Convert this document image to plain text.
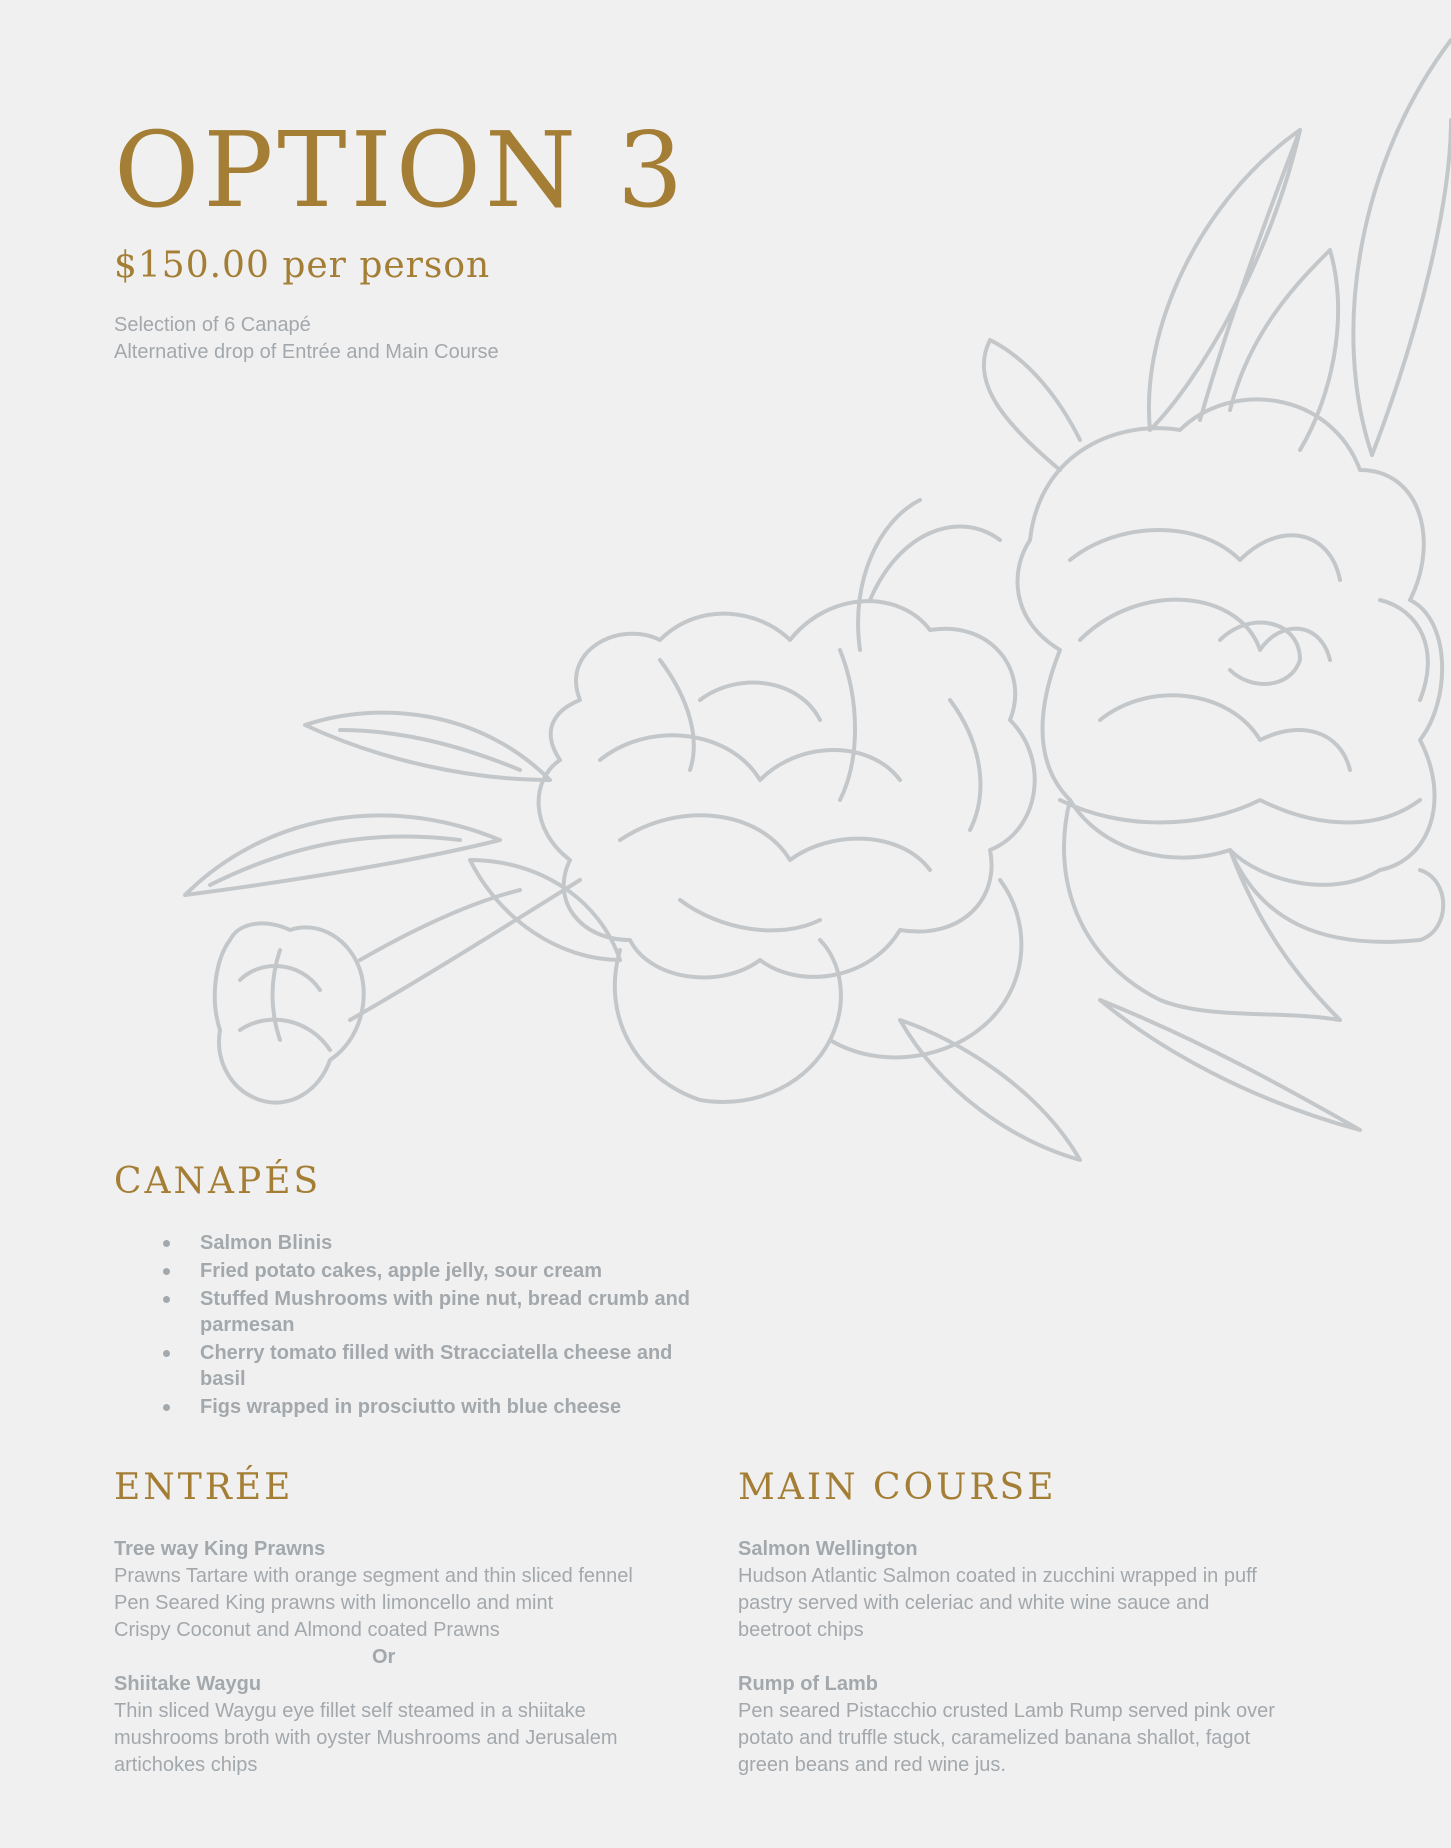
OPTION 3
$150.00 per person
Selection of 6 Canapé
Alternative drop of Entrée and Main Course
CANAPÉS
Salmon Blinis
Fried potato cakes, apple jelly, sour cream
Stuffed Mushrooms with pine nut, bread crumb and parmesan
Cherry tomato filled with Stracciatella cheese and basil
Figs wrapped in prosciutto with blue cheese
ENTRÉE
Tree way King Prawns
Prawns Tartare with orange segment and thin sliced fennel
Pen Seared King prawns with limoncello and mint
Crispy Coconut and Almond coated Prawns
Or
Shiitake Waygu
Thin sliced Waygu eye fillet self steamed in a shiitake
mushrooms broth with oyster Mushrooms and Jerusalem
artichokes chips
MAIN COURSE
Salmon Wellington
Hudson Atlantic Salmon coated in zucchini wrapped in puff
pastry served with celeriac and white wine sauce and
beetroot chips
Rump of Lamb
Pen seared Pistacchio crusted Lamb Rump served pink over
potato and truffle stuck, caramelized banana shallot, fagot
green beans and red wine jus.
